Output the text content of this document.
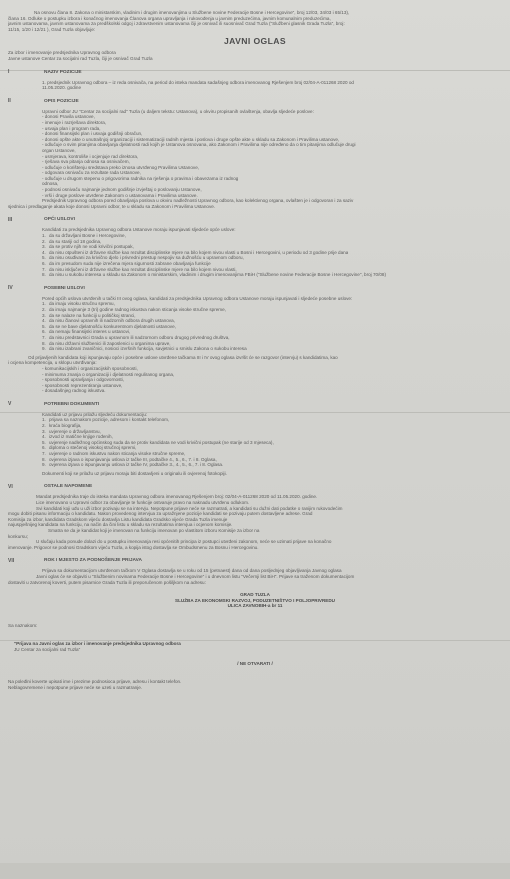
Na osnovu člana 8. Zakona o ministarskim, vladinim i drugim imenovanjima u Službene novine Federacije Bosne i Hercegovine", broj 12/03, 34/03 i 65/13),
člana 16. Odluke o postupku izbora i konačnog imenovanja Članova organa upravljanja i rukovođenja u javnim preduzećima, javnim komunalnim preduzećima,
javnim ustanovama, javnim ustanovama za predškolski odgoj i zdravstvenim ustanovama čiji je osnivač ili suosnivač Grad Tuzla ("Službeni glasnik Grada Tuzla", broj:
11/15, 1/20 i 12/21 ), Grad Tuzla objavljuje:
JAVNI OGLAS
Za izbor i imenovanje predsjednika Upravnog odbora
Javne ustanove Centar za socijalni rad Tuzla, čiji je osnivač Grad Tuzla
I	NAZIV POZICIJE
1. predsjednik Upravnog odbora – iz reda osnivača, na period do isteka mandata sadašnjeg odbora imenovanog Rješenjem broj 02/04-A-011268 2020 od
11.05.2020. godine
II	OPIS POZICIJE
Upravni odbor JU "Centar za socijalni rad" Tuzla (u daljem tekstu: Ustanova), u okviru propisanih ovlaštenja, obavlja sljedeće poslove:
- donosi Pravila ustanove,
- imenuje i razrješava direktora,
- usvaja plan i program rada,
- donosi finansijski plan i usvaja godišnji obračun,
- donosi opšte akte o unutrašnjoj organizaciji i sistematizaciji radnih mjesta i poslova i druge opšte akte u skladu sa Zakonom i Pravilima ustanove,
- odlučuje o svim pitanjima obavljanja djelatnosti radi kojih je Ustanova osnovana, ako Zakonom i Pravilima nije određeno da o tim pitanjima odlučuje drugi
organ Ustanove,
- usmjerava, kontroliše i ocjenjuje rad direktora,
- rješava sva pitanja odnosa sa osnivačem,
- odlučuje o korištenju sredstava preko iznosa utvrđenog Pravilima Ustanove,
- odgovara osnivaču za rezultate rada Ustanove,
- odlučuje u drugom stepenu o prigovorima radnika na rješenja o pravima i obavezama iz radnog
odnosa,
- podnosi osnivaču najmanje jednom godišnje izvještaj o poslovanju Ustanove,
- vrši i druge poslove utvrđene Zakonom o ustanovama i Pravilima ustanove.
Predsjednik Upravnog odbora pored obavljanja poslova u okviru nadležnosti Upravnog odbora, kao kolektivnog organa, ovlašten je i odgovoran i za saziv
sjednica i predlaganje akata koje donosi Upravni odbor, te u skladu sa Zakonom i Pravilima Ustanove.
III	OPĆI USLOVI
Kandidati za predsjednika Upravnog odbora Ustanove moraju ispunjavati sljedeće opće uslove:
1. da su državljani Bosne i Hercegovine,
2. da su stariji od 18 godina,
3. da se protiv njih ne vodi krivični postupak,
4. da nisu otpušteni iz državne službe kao rezultat disciplinske mjere na bilo kojem nivou vlasti u Bosni i Hercegovini, u periodu od 3 godine prije dana
5. da nisu osuđivani za krivično djelo i privredni prestup nespojiv sa dužnošću u upravnom odboru,
6. da im presudom suda nije izrečena mjera sigurnosti zabrane obavljanja funkcije
7. da nisu isključeni iz državne službe kao rezultat disciplinske mjere na bilo kojem nivou vlasti,
8. da nisu u sukobu interesa u skladu sa Zakonom o ministarskim, vladinim i drugim imenovanjima FBiH ("Službene novine Federacije Bosne i Hercegovine", broj 70/08)
IV	POSEBNI USLOVI
Pored općih uslova utvrđenih u tački III ovog oglasa, kandidati za predsjednika Upravnog odbora Ustanove moraju ispunjavati i sljedeće posebne uslove:
1. da imaju visoku stručnu spremu,
2. da imaju najmanje 3 (tri) godine radnog iskustva nakon sticanja visoke stručne spreme,
3. da se nalaze na funkciji u političkoj stranci,
4. da nisu članovi upravnih ili nadzornih odbora drugih ustanova,
5. da se ne bave djelatnošću konkurentnom djelatnosti ustanove,
6. da nemaju finansijski interes u ustanovi,
7. da nisu predstavnici Grada u upravnom ili nadzornom odboru drugog privrednog društva,
8. da nisu državni službenici ili zaposlenici u organima uprave,
9. da nisu izabrani zvaničnici, nosioci izvršnih funkcija, savjetnici u smislu Zakona o sukobu interesa
Od prijavljenih kandidata koji ispunjavaju opće i posebne uslove utvrđene tačkama III i IV ovog oglasa izvršit će se razgovor (intervju) s kandidatima, kao
i ocjena kompetencija, u sklopu utvrđivanja:
- komunikacijskih i organizacijskih sposobnosti,
- minimuma znanja o organizaciji i djelatnosti reguliranog organa,
- sposobnosti upravljanja i odgovornosti,
- sposobnosti reprezentiranja ustanove,
- dosadašnjeg radnog iskustva.
V	POTREBNI DOKUMENTI
Kandidati uz prijavu prilažu sljedeću dokumentaciju:
1. prijava sa naznakom pozicije, adresom i kontakt telefonom,
2. kraća biografija,
3. uvjerenje o državljanstvu,
4. izvod iz matične knjige rođenih,
5. uvjerenje nadležnog općinskog suda da se protiv kandidata ne vodi krivični postupak (ne starije od 3 mjeseca),
6. diploma o stečenoj visokoj stručnoj spremi,
7. uvjerenje o radnom iskustvu nakon sticanja visoke stručne spreme,
8. ovjerena izjava o ispunjavanju uslova iz tačke III, podtačke 4., 5., 6., 7. i 8. Oglasa,
9. ovjerena izjava o ispunjavanju uslova iz tačke IV, podtačke 3., 4., 5., 6., 7. i 8. Oglasa.
Dokumenti koji se prilažu uz prijavu moraju biti dostavljeni u originalu ili ovjerenoj fotokopiji.
VI	OSTALE NAPOMENE
Mandat predsjednika traje do isteka mandata Upravnog odbora imenovanog Rješenjem broj: 02/04-A-011268 2020 od 11.05.2020. godine.
Lice imenovano u Upravni odbor za obavljanje te funkcije ostvaruje pravo na naknadu utvrđenu odlukom.
Svi kandidati koji uđu u uži izbor pozivaju se na intervju. Nepotpune prijave neće se razmatrati, a kandidati su dužni dati podatke o ranijim rukovodećim
mogu dobiti pisanu informaciju o kandidatu. Nakon provedenog intervjua za upražnjene pozicije kandidati se pozivaju putem dostavljene adrese. Grad
Komisija za izbor, kandidata Gradskom vijeću dostavlja Listu kandidata Gradsko vijeće Grada Tuzla imenuje
najuspješnijeg kandidata na funkciju, na način da čini listu u skladu sa rezultatima intervjua i ocjenom komisije.
Smatra se da je kandidat koji je imenovan na funkciju imenovan po vlastitom izboru Komisije za izbor na
konkursu;
U slučaju kada ponude dolazi do u postupku imenovanja resi općenitih principa iz postupci utvrđeni zakonom, neće se uzimati prijave na konačno
imenovanje. Prigovor se podnosi Gradskom vijeću Tuzla, a kopija istog dostavlja se Ombudsmenu za Bosnu i Hercegovinu.
VII	ROK I MJESTO ZA PODNOŠENJE PRIJAVA
Prijava sa dokumentacijom utvrđenom tačkom V Oglasa dostavlja se u roku od 15 (petnaest) dana od dana posljednjeg objavljivanja Javnog oglasa
Javni oglas će se objaviti u "Službenim novinama Federacije Bosne i Hercegovine" i u dnevnom listu "Večernji list BiH". Prijave sa traženom dokumentacijom
dostaviti u zatvorenoj koverti, putem pisarnice Grada Tuzla ili preporučenom pošiljkom na adresu:
GRAD TUZLA
SLUŽBA ZA EKONOMSKI RAZVOJ, PODUZETNIŠTVO I POLJOPRIVREDU
ULICA ZAVNOBIH-a br 11
Sa naznakom:
"Prijava na Javni oglas za izbor i imenovanje predsjednika Upravnog odbora
JU Centar za socijalni rad Tuzla"
/ NE OTVARATI /
Na poleđini koverte upisati ime i prezime podnosioca prijave, adresu i kontakt telefon.
Neblagovremene i nepotpune prijave neće se uzeti u razmatranje.
